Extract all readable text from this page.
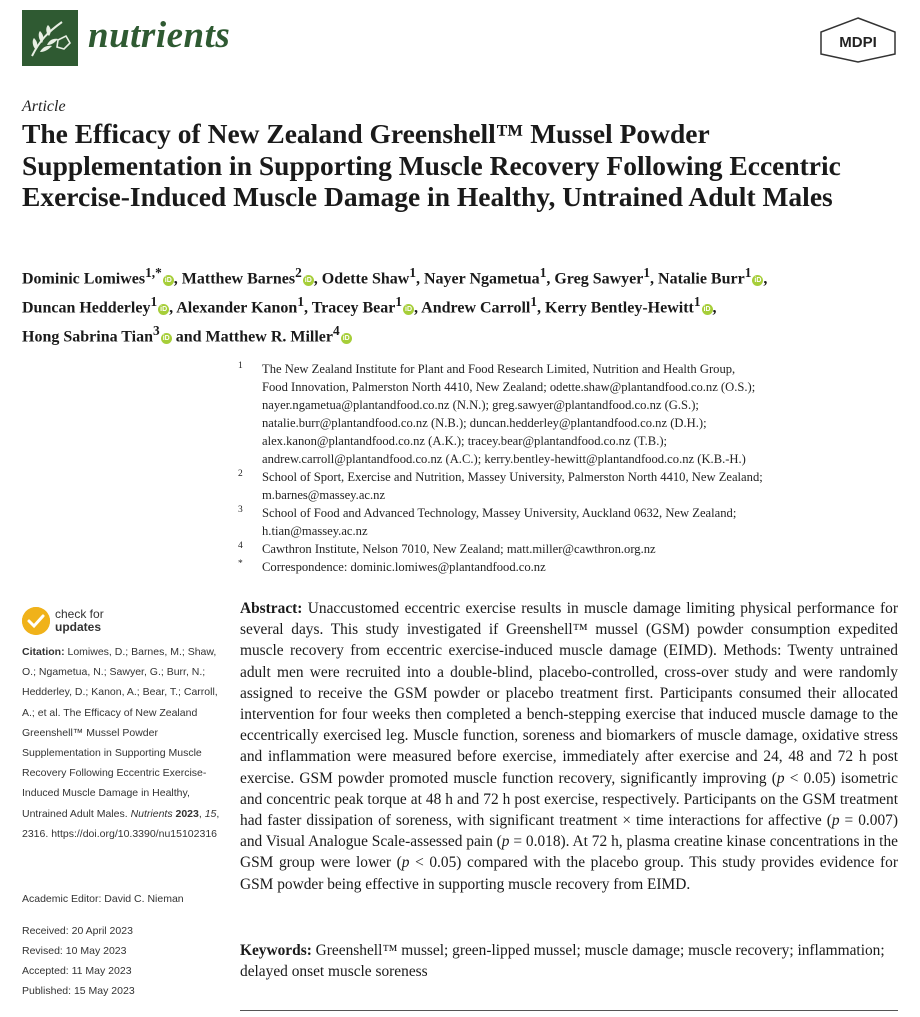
nutrients	MDPI
Article
The Efficacy of New Zealand Greenshell™ Mussel Powder Supplementation in Supporting Muscle Recovery Following Eccentric Exercise-Induced Muscle Damage in Healthy, Untrained Adult Males
Dominic Lomiwes$^{1,*}$iD , Matthew Barnes$^2$iD , Odette Shaw$^1$, Nayer Ngametua$^1$, Greg Sawyer$^1$, Natalie Burr$^1$iD ,
Duncan Hedderley$^1$iD , Alexander Kanon$^1$, Tracey Bear$^1$iD , Andrew Carroll$^1$, Kerry Bentley-Hewitt$^1$iD ,
Hong Sabrina Tian$^3$iD and Matthew R. Miller$^4$iD
1 The New Zealand Institute for Plant and Food Research Limited, Nutrition and Health Group,
Food Innovation, Palmerston North 4410, New Zealand; odette.shaw@plantandfood.co.nz (O.S.);
nayer.ngametua@plantandfood.co.nz (N.N.); greg.sawyer@plantandfood.co.nz (G.S.);
natalie.burr@plantandfood.co.nz (N.B.); duncan.hedderley@plantandfood.co.nz (D.H.);
alex.kanon@plantandfood.co.nz (A.K.); tracey.bear@plantandfood.co.nz (T.B.);
andrew.carroll@plantandfood.co.nz (A.C.); kerry.bentley-hewitt@plantandfood.co.nz (K.B.-H.)
2 School of Sport, Exercise and Nutrition, Massey University, Palmerston North 4410, New Zealand;
m.barnes@massey.ac.nz
3 School of Food and Advanced Technology, Massey University, Auckland 0632, New Zealand;
h.tian@massey.ac.nz
4 Cawthron Institute, Nelson 7010, New Zealand; matt.miller@cawthron.org.nz
* Correspondence: dominic.lomiwes@plantandfood.co.nz
check for
updates
Citation: Lomiwes, D.; Barnes, M.; Shaw, O.; Ngametua, N.; Sawyer, G.; Burr, N.; Hedderley, D.; Kanon, A.; Bear, T.; Carroll, A.; et al. The Efficacy of New Zealand Greenshell™ Mussel Powder Supplementation in Supporting Muscle Recovery Following Eccentric Exercise-Induced Muscle Damage in Healthy, Untrained Adult Males. Nutrients 2023, 15, 2316. https://doi.org/10.3390/nu15102316
Academic Editor: David C. Nieman
Received: 20 April 2023
Revised: 10 May 2023
Accepted: 11 May 2023
Published: 15 May 2023
Abstract: Unaccustomed eccentric exercise results in muscle damage limiting physical performance for several days. This study investigated if Greenshell™ mussel (GSM) powder consumption expedited muscle recovery from eccentric exercise-induced muscle damage (EIMD). Methods: Twenty untrained adult men were recruited into a double-blind, placebo-controlled, cross-over study and were randomly assigned to receive the GSM powder or placebo treatment first. Participants consumed their allocated intervention for four weeks then completed a bench-stepping exercise that induced muscle damage to the eccentrically exercised leg. Muscle function, soreness and biomarkers of muscle damage, oxidative stress and inflammation were measured before exercise, immediately after exercise and 24, 48 and 72 h post exercise. GSM powder promoted muscle function recovery, significantly improving (p < 0.05) isometric and concentric peak torque at 48 h and 72 h post exercise, respectively. Participants on the GSM treatment had faster dissipation of soreness, with significant treatment × time interactions for affective (p = 0.007) and Visual Analogue Scale-assessed pain (p = 0.018). At 72 h, plasma creatine kinase concentrations in the GSM group were lower (p < 0.05) compared with the placebo group. This study provides evidence for GSM powder being effective in supporting muscle recovery from EIMD.
Keywords: Greenshell™ mussel; green-lipped mussel; muscle damage; muscle recovery; inflammation; delayed onset muscle soreness
